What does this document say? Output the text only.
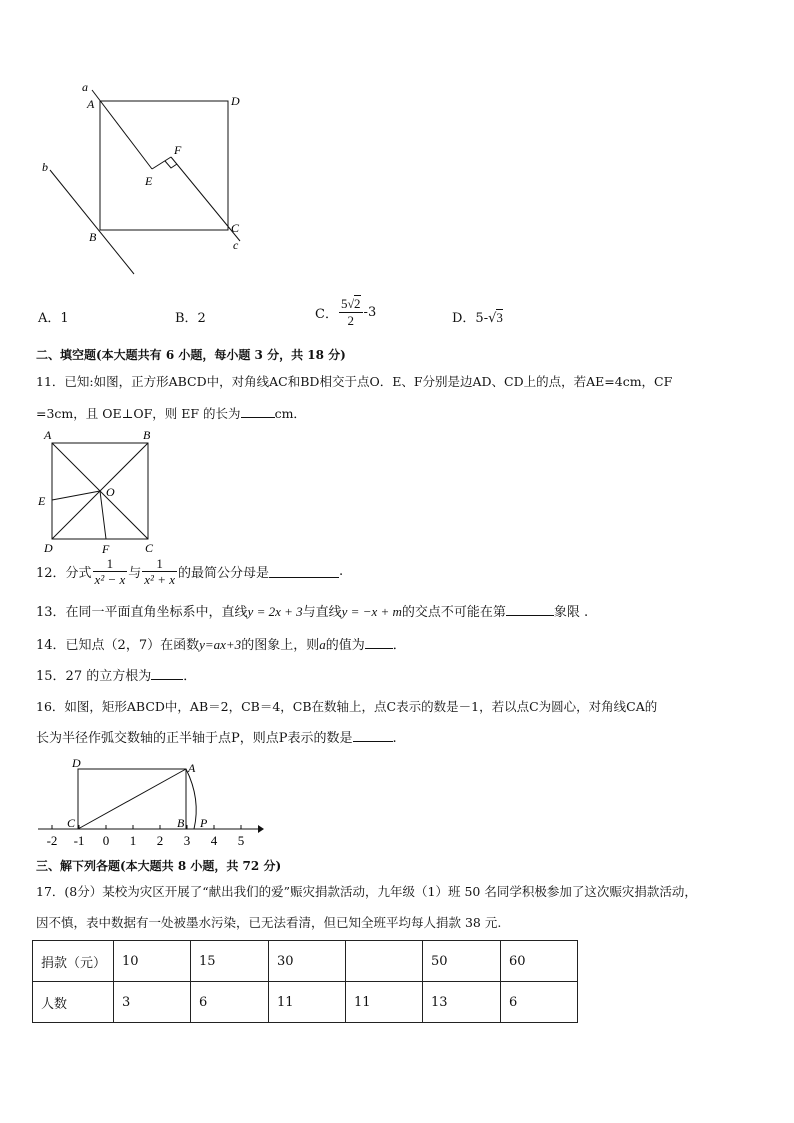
a
A	D
b
E
F
B
C
c
A．1	B．2	C． $\frac{5√2}{2} -3$	D．5-√3
二、填空题(本大题共有 6 小题，每小题 3 分，共 18 分)
11．已知:如图，正方形ABCD中，对角线AC和BD相交于点O．E、F分别是边AD、CD上的点，若AE=4cm，CF
=3cm，且 OE⊥OF，则 EF 的长为	cm．
A	B
E
O
D	F	C
12．分式 $\frac{1}{\text{x² − x}}$ 与 $\frac{1}{\text{x² + x}}$ 的最简公分母是	.
13．在同一平面直角坐标系中，直线y = 2x + 3与直线y = −x + m的交点不可能在第	象限 .
14．已知点（2，7）在函数y=ax+3的图象上，则a的值为 ．
15．27 的立方根为 ．
16．如图，矩形ABCD中，AB＝2，CB＝4，CB在数轴上，点C表示的数是－1，若以点C为圆心，对角线CA的
长为半径作弧交数轴的正半轴于点P，则点P表示的数是	.
-2 -1 0 1 2 3 4 5
D	A
C	B P
三、解下列各题(本大题共 8 小题，共 72 分)
17．(8分）某校为灾区开展了“献出我们的爱”赈灾捐款活动，九年级（1）班 50 名同学积极参加了这次赈灾捐款活动，
因不慎，表中数据有一处被墨水污染，已无法看清，但已知全班平均每人捐款 38 元.
捐款（元）	10	15	30		50	60
人数	3	6	11	11	13	6
